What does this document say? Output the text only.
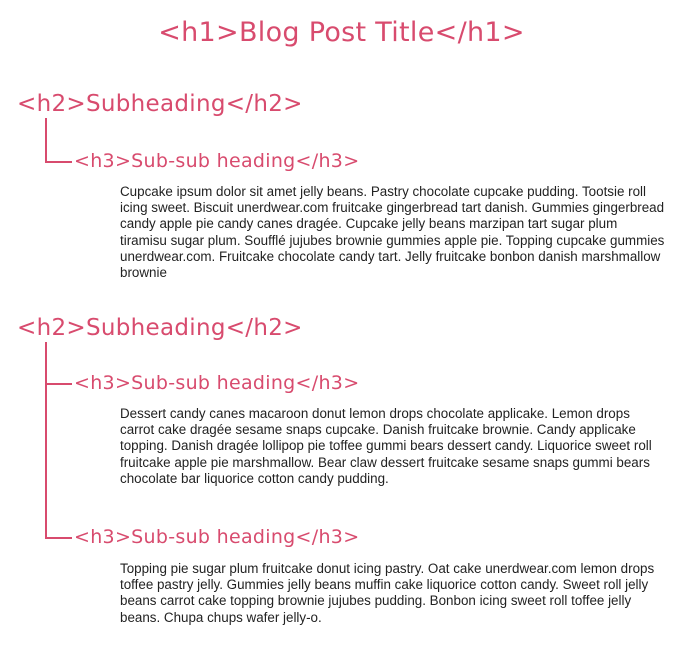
<h1>Blog Post Title</h1>
<h2>Subheading</h2>
<h3>Sub-sub heading</h3>
Cupcake ipsum dolor sit amet jelly beans. Pastry chocolate cupcake pudding. Tootsie roll icing sweet. Biscuit unerdwear.com fruitcake gingerbread tart danish. Gummies gingerbread candy apple pie candy canes dragée. Cupcake jelly beans marzipan tart sugar plum tiramisu sugar plum. Soufflé jujubes brownie gummies apple pie. Topping cupcake gummies unerdwear.com. Fruitcake chocolate candy tart. Jelly fruitcake bonbon danish marshmallow brownie
<h2>Subheading</h2>
<h3>Sub-sub heading</h3>
Dessert candy canes macaroon donut lemon drops chocolate applicake. Lemon drops carrot cake dragée sesame snaps cupcake. Danish fruitcake brownie. Candy applicake topping. Danish dragée lollipop pie toffee gummi bears dessert candy. Liquorice sweet roll fruitcake apple pie marshmallow. Bear claw dessert fruitcake sesame snaps gummi bears chocolate bar liquorice cotton candy pudding.
<h3>Sub-sub heading</h3>
Topping pie sugar plum fruitcake donut icing pastry. Oat cake unerdwear.com lemon drops toffee pastry jelly. Gummies jelly beans muffin cake liquorice cotton candy. Sweet roll jelly beans carrot cake topping brownie jujubes pudding. Bonbon icing sweet roll toffee jelly beans. Chupa chups wafer jelly-o.
